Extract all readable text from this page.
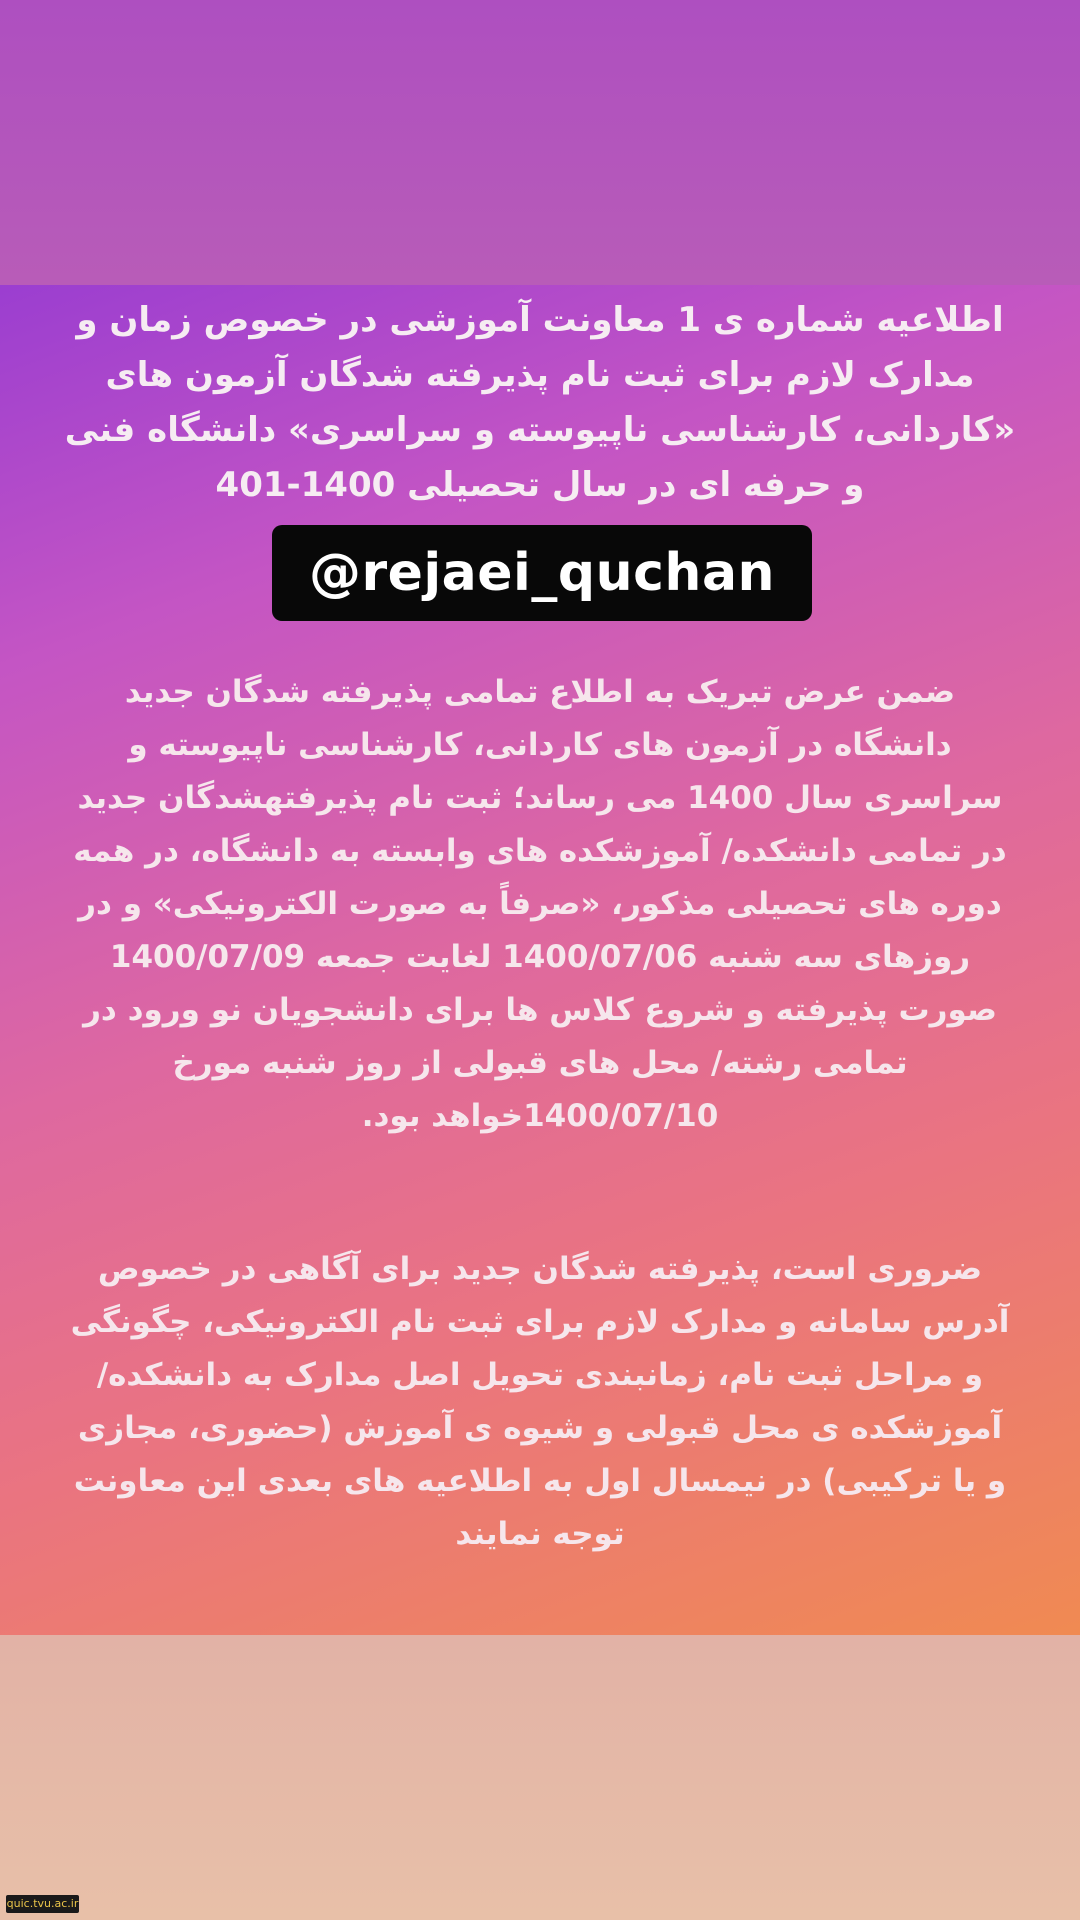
اطلاعیه شماره ی 1 معاونت آموزشی در خصوص زمان و مدارک لازم برای ثبت نام پذیرفته شدگان آزمون های «کاردانی، کارشناسی ناپیوسته و سراسری» دانشگاه فنی و حرفه ای در سال تحصیلی 1400-401

@rejaei_quchan

ضمن عرض تبریک به اطلاع تمامی پذیرفته شدگان جدید دانشگاه در آزمون های کاردانی، کارشناسی ناپیوسته و سراسری سال 1400 می رساند؛ ثبت نام پذیرفتهشدگان جدید در تمامی دانشکده/ آموزشکده های وابسته به دانشگاه، در همه دوره های تحصیلی مذکور، «صرفاً به صورت الکترونیکی» و در روزهای سه شنبه 1400/07/06 لغایت جمعه 1400/07/09 صورت پذیرفته و شروع کلاس ها برای دانشجویان نو ورود در تمامی رشته/ محل های قبولی از روز شنبه مورخ 1400/07/10خواهد بود.

ضروری است، پذیرفته شدگان جدید برای آگاهی در خصوص آدرس سامانه و مدارک لازم برای ثبت نام الکترونیکی، چگونگی و مراحل ثبت نام، زمانبندی تحویل اصل مدارک به دانشکده/ آموزشکده ی محل قبولی و شیوه ی آموزش (حضوری، مجازی و یا ترکیبی) در نیمسال اول به اطلاعیه های بعدی این معاونت توجه نمایند

quic.tvu.ac.ir
